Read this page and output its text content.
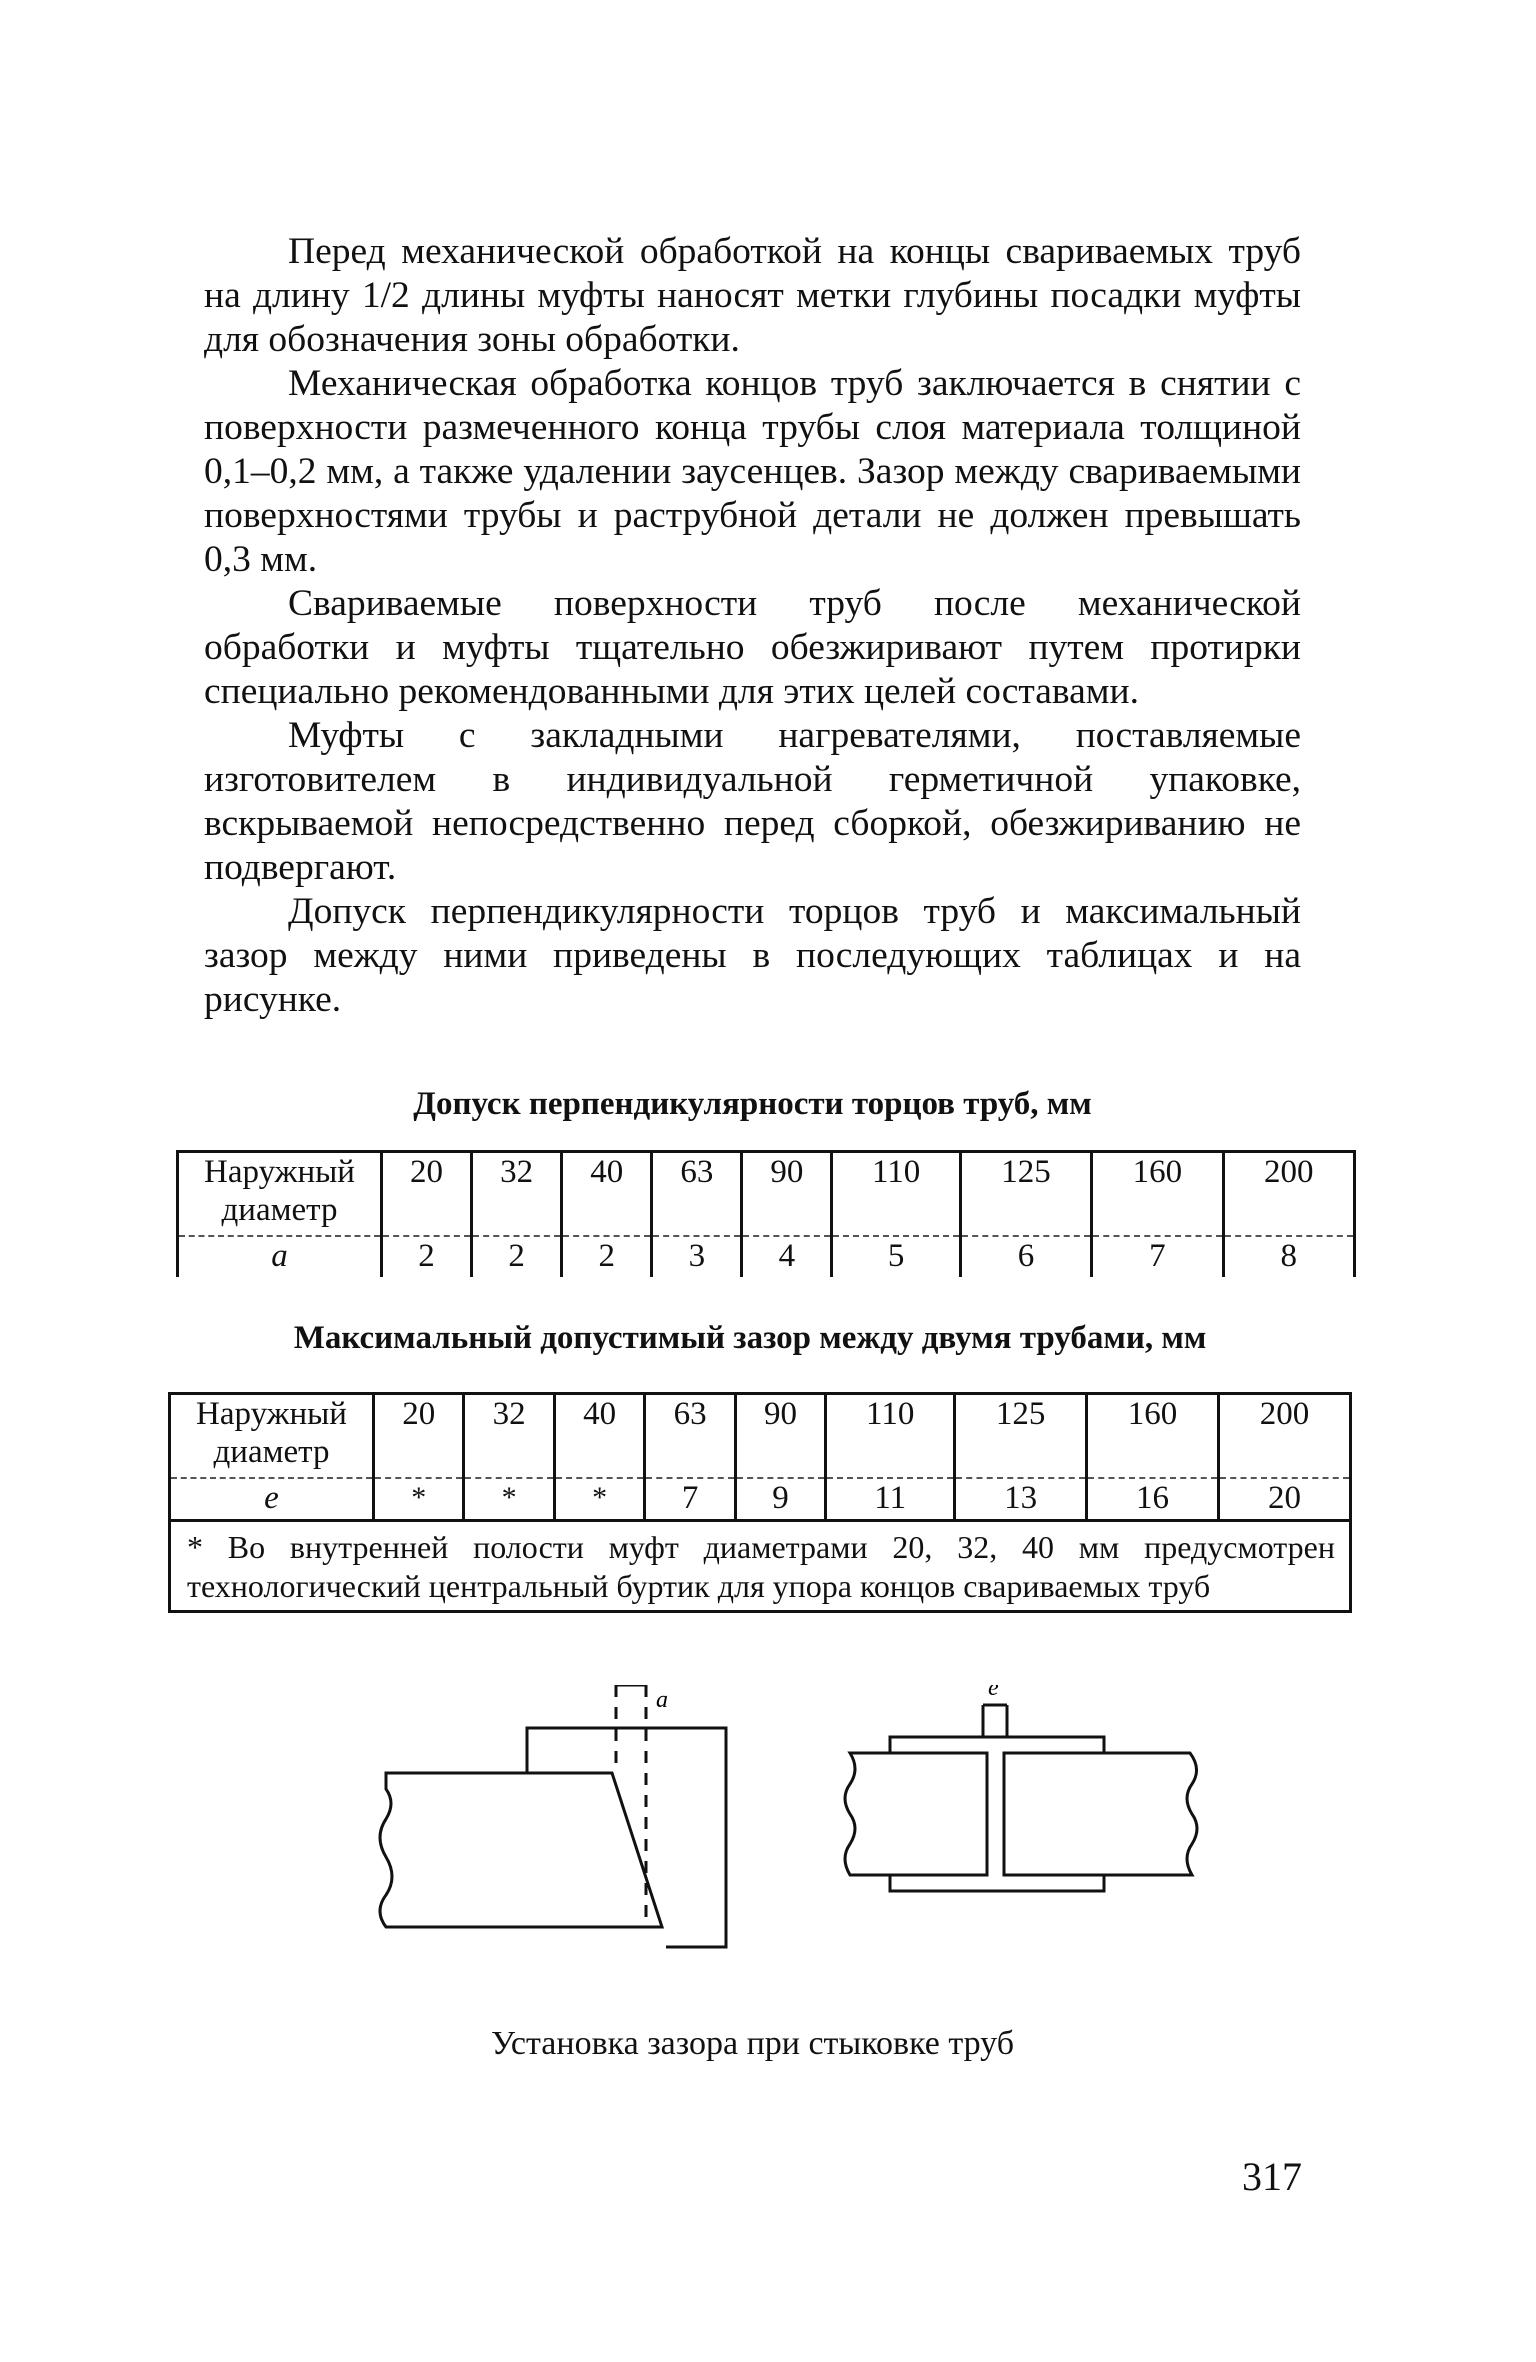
Перед механической обработкой на концы свариваемых труб на длину 1/2 длины муфты наносят метки глубины посадки муфты для обозначения зоны обработки.

Механическая обработка концов труб заключается в снятии с поверхности размеченного конца трубы слоя материала толщиной 0,1–0,2 мм, а также удалении заусенцев. Зазор между свариваемыми поверхностями трубы и раструбной детали не должен превышать 0,3 мм.

Свариваемые поверхности труб после механической обработки и муфты тщательно обезжиривают путем протирки специально рекомендованными для этих целей составами.

Муфты с закладными нагревателями, поставляемые изготовителем в индивидуальной герметичной упаковке, вскрываемой непосредственно перед сборкой, обезжириванию не подвергают.

Допуск перпендикулярности торцов труб и максимальный зазор между ними приведены в последующих таблицах и на рисунке.

Допуск перпендикулярности торцов труб, мм
Наружный диаметр	20	32	40	63	90	110	125	160	200
а	2	2	2	3	4	5	6	7	8
Максимальный допустимый зазор между двумя трубами, мм
Наружный диаметр	20	32	40	63	90	110	125	160	200
е	*	*	*	7	9	11	13	16	20
* Во внутренней полости муфт диаметрами 20, 32, 40 мм предусмотрен технологический центральный буртик для упора концов свариваемых труб									
а	е
Установка зазора при стыковке труб
317
